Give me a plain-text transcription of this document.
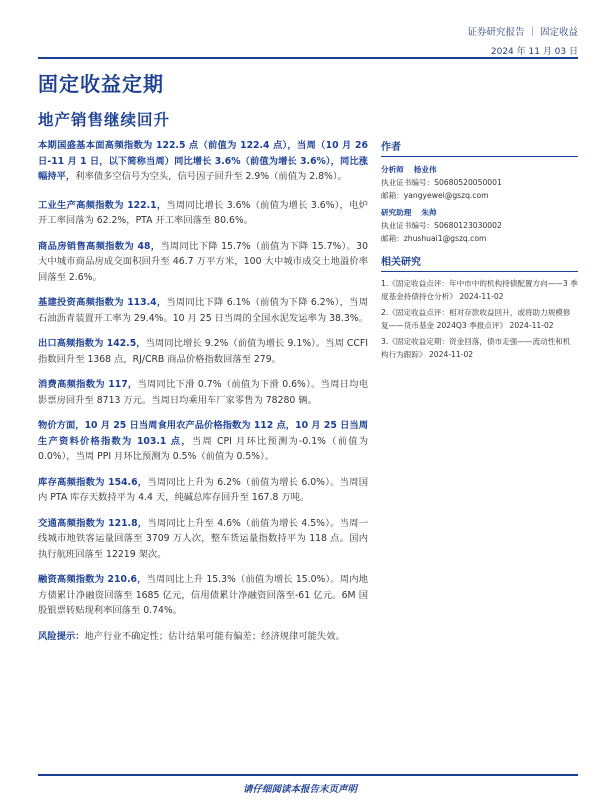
证券研究报告 ｜ 固定收益
2024 年 11 月 03 日
固定收益定期
地产销售继续回升

本期国盛基本面高频指数为 122.5 点（前值为 122.4 点），当周（10 月 26 日-11 月 1 日，以下简称当周）同比增长 3.6%（前值为增长 3.6%），同比涨幅持平，利率债多空信号为空头，信号因子回升至 2.9%（前值为 2.8%）。

工业生产高频指数为 122.1，当周同比增长 3.6%（前值为增长 3.6%），电炉开工率回落为 62.2%，PTA 开工率回落至 80.6%。

商品房销售高频指数为 48，当周同比下降 15.7%（前值为下降 15.7%）。30 大中城市商品房成交面积回升至 46.7 万平方米，100 大中城市成交土地溢价率回落至 2.6%。

基建投资高频指数为 113.4，当周同比下降 6.1%（前值为下降 6.2%），当周石油沥青装置开工率为 29.4%。10 月 25 日当周的全国水泥发运率为 38.3%。

出口高频指数为 142.5，当周同比增长 9.2%（前值为增长 9.1%）。当周 CCFI 指数回升至 1368 点，RJ/CRB 商品价格指数回落至 279。

消费高频指数为 117，当周同比下滑 0.7%（前值为下滑 0.6%）。当周日均电影票房回升至 8713 万元。当周日均乘用车厂家零售为 78280 辆。

物价方面，10 月 25 日当周食用农产品价格指数为 112 点，10 月 25 日当周生产资料价格指数为 103.1 点，当周 CPI 月环比预测为-0.1%（前值为 0.0%），当周 PPI 月环比预测为 0.5%（前值为 0.5%）。

库存高频指数为 154.6，当周同比上升为 6.2%（前值为增长 6.0%）。当周国内 PTA 库存天数持平为 4.4 天，纯碱总库存回升至 167.8 万吨。

交通高频指数为 121.8，当周同比上升至 4.6%（前值为增长 4.5%）。当周一线城市地铁客运量回落至 3709 万人次，整车货运量指数持平为 118 点。国内执行航班回落至 12219 架次。

融资高频指数为 210.6，当周同比上升 15.3%（前值为增长 15.0%）。周内地方债累计净融资回落至 1685 亿元，信用债累计净融资回落至-61 亿元。6M 国股银票转贴现利率回落至 0.74%。

风险提示：地产行业不确定性；估计结果可能有偏差；经济规律可能失效。

作者
分析师 杨业伟
执业证书编号：S0680520050001
邮箱：yangyewei@gszq.com
研究助理 朱帅
执业证书编号：S0680123030002
邮箱：zhushuai1@gszq.com
相关研究
1.《固定收益点评：年中市中的机构持债配置方向——3 季度基金持债持仓分析》 2024-11-02
2.《固定收益点评：相对存款收益回升，或将助力规模修复——货币基金 2024Q3 季报点评》 2024-11-02
3.《固定收益定期：资金回落，债市走强——流动性和机构行为跟踪》 2024-11-02
请仔细阅读本报告末页声明
